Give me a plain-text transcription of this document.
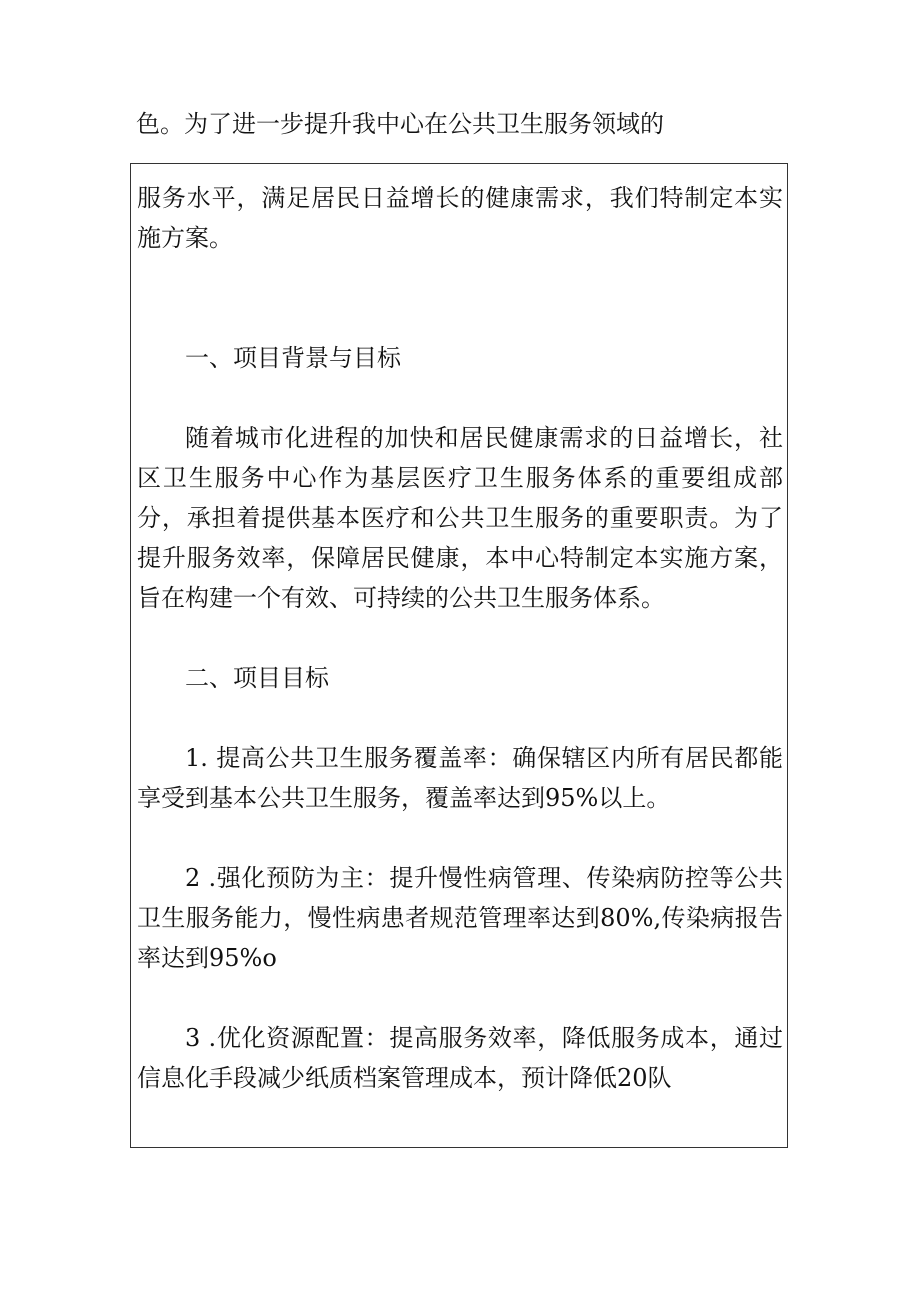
色。为了进一步提升我中心在公共卫生服务领域的

服务水平，满足居民日益增长的健康需求，我们特制定本实施方案。

一、项目背景与目标

随着城市化进程的加快和居民健康需求的日益增长，社区卫生服务中心作为基层医疗卫生服务体系的重要组成部分，承担着提供基本医疗和公共卫生服务的重要职责。为了提升服务效率，保障居民健康，本中心特制定本实施方案，旨在构建一个有效、可持续的公共卫生服务体系。

二、项目目标

1. 提高公共卫生服务覆盖率：确保辖区内所有居民都能享受到基本公共卫生服务，覆盖率达到95%以上。

2 .强化预防为主：提升慢性病管理、传染病防控等公共卫生服务能力，慢性病患者规范管理率达到80%,传染病报告率达到95%o

3 .优化资源配置：提高服务效率，降低服务成本，通过信息化手段减少纸质档案管理成本，预计降低20队
